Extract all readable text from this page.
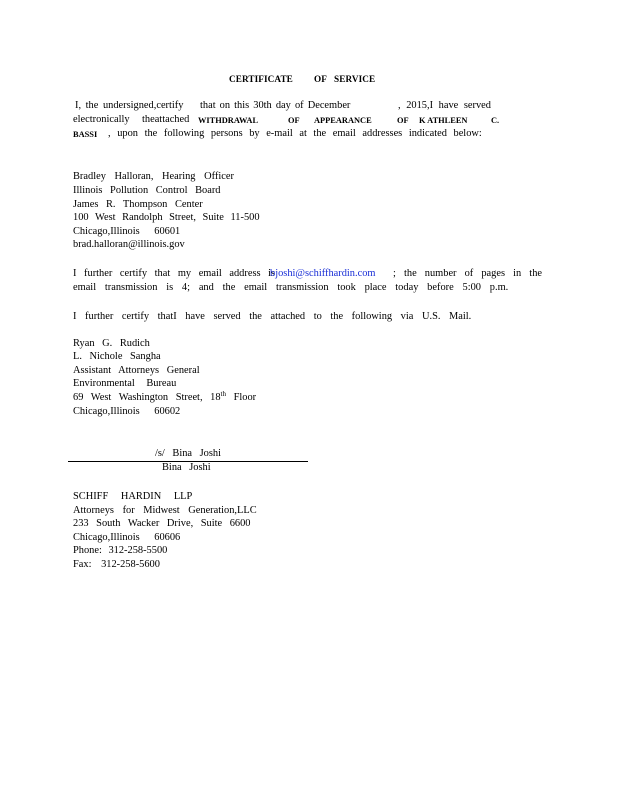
CERTIFICATE OF SERVICE
I, the undersigned,certify that on this 30th day of December	, 2015,I have served
electronically theattached WITHDRAWAL	OF APPEARANCE	OF K ATHLEEN	C.
BASSI , upon the following persons by e-mail at the email addresses indicated below:
Bradley Halloran, Hearing Officer
Illinois Pollution Control Board
James R. Thompson Center
100 West Randolph Street, Suite 11-500
Chicago,Illinois 60601
brad.halloran@illinois.gov
I further certify that my email address is
bjoshi@schiffhardin.com ; the number of pages in the
email transmission is 4; and the email transmission took place today before 5:00 p.m.
I further certify thatI have served the attached to the following via U.S. Mail.
Ryan G. Rudich
L. Nichole Sangha
Assistant Attorneys General
Environmental Bureau
69 West Washington Street, 18th Floor
Chicago,Illinois 60602
/s/ Bina Joshi
Bina Joshi
SCHIFF HARDIN LLP
Attorneys for Midwest Generation,LLC
233 South Wacker Drive, Suite 6600
Chicago,Illinois 60606
Phone: 312-258-5500
Fax: 312-258-5600
